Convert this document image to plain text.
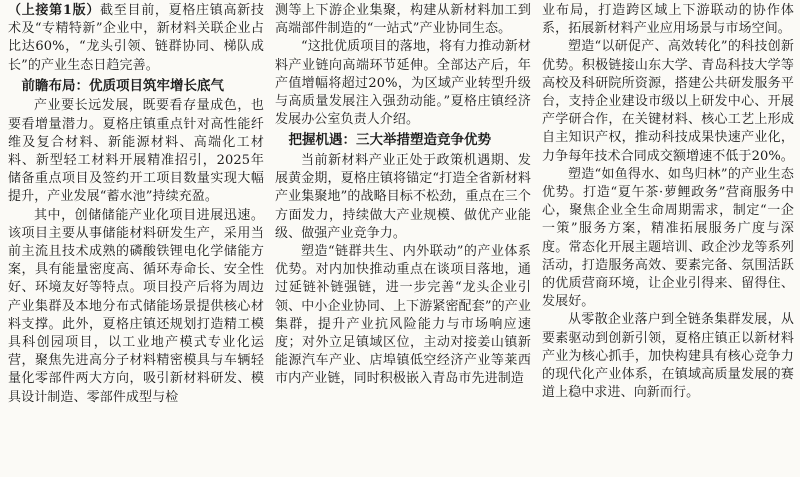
（上接第1版）截至目前，夏格庄镇高新技术及“专精特新”企业中，新材料关联企业占比达60%，“龙头引领、链群协同、梯队成长”的产业生态日趋完善。

前瞻布局：优质项目筑牢增长底气

产业要长远发展，既要看存量成色，也要看增量潜力。夏格庄镇重点针对高性能纤维及复合材料、新能源材料、高端化工材料、新型轻工材料开展精准招引，2025年储备重点项目及签约开工项目数量实现大幅提升，产业发展“蓄水池”持续充盈。

其中，创储储能产业化项目进展迅速。该项目主要从事储能材料研发生产，采用当前主流且技术成熟的磷酸铁锂电化学储能方案，具有能量密度高、循环寿命长、安全性好、环境友好等特点。项目投产后将为周边产业集群及本地分布式储能场景提供核心材料支撑。此外，夏格庄镇还规划打造精工模具科创园项目，以工业地产模式专业化运营，聚焦先进高分子材料精密模具与车辆轻量化零部件两大方向，吸引新材料研发、模具设计制造、零部件成型与检

测等上下游企业集聚，构建从新材料加工到高端部件制造的“一站式”产业协同生态。

“这批优质项目的落地，将有力推动新材料产业链向高端环节延伸。全部达产后，年产值增幅将超过20%，为区域产业转型升级与高质量发展注入强劲动能。”夏格庄镇经济发展办公室负责人介绍。

把握机遇：三大举措塑造竞争优势

当前新材料产业正处于政策机遇期、发展黄金期，夏格庄镇将锚定“打造全省新材料产业集聚地”的战略目标不松劲，重点在三个方面发力，持续做大产业规模、做优产业能级、做强产业竞争力。

塑造“链群共生、内外联动”的产业体系优势。对内加快推动重点在谈项目落地，通过延链补链强链，进一步完善“龙头企业引领、中小企业协同、上下游紧密配套”的产业集群，提升产业抗风险能力与市场响应速度；对外立足镇域区位，主动对接姜山镇新能源汽车产业、店埠镇低空经济产业等莱西市内产业链，同时积极嵌入青岛市先进制造

业布局，打造跨区域上下游联动的协作体系，拓展新材料产业应用场景与市场空间。

塑造“以研促产、高效转化”的科技创新优势。积极链接山东大学、青岛科技大学等高校及科研院所资源，搭建公共研发服务平台，支持企业建设市级以上研发中心、开展产学研合作，在关键材料、核心工艺上形成自主知识产权，推动科技成果快速产业化，力争每年技术合同成交额增速不低于20%。

塑造“如鱼得水、如鸟归林”的产业生态优势。打造“夏午茶·萝鲤政务”营商服务中心，聚焦企业全生命周期需求，制定“一企一策”服务方案，精准拓展服务广度与深度。常态化开展主题培训、政企沙龙等系列活动，打造服务高效、要素完备、氛围活跃的优质营商环境，让企业引得来、留得住、发展好。

从零散企业落户到全链条集群发展，从要素驱动到创新引领，夏格庄镇正以新材料产业为核心抓手，加快构建具有核心竞争力的现代化产业体系，在镇域高质量发展的赛道上稳中求进、向新而行。
